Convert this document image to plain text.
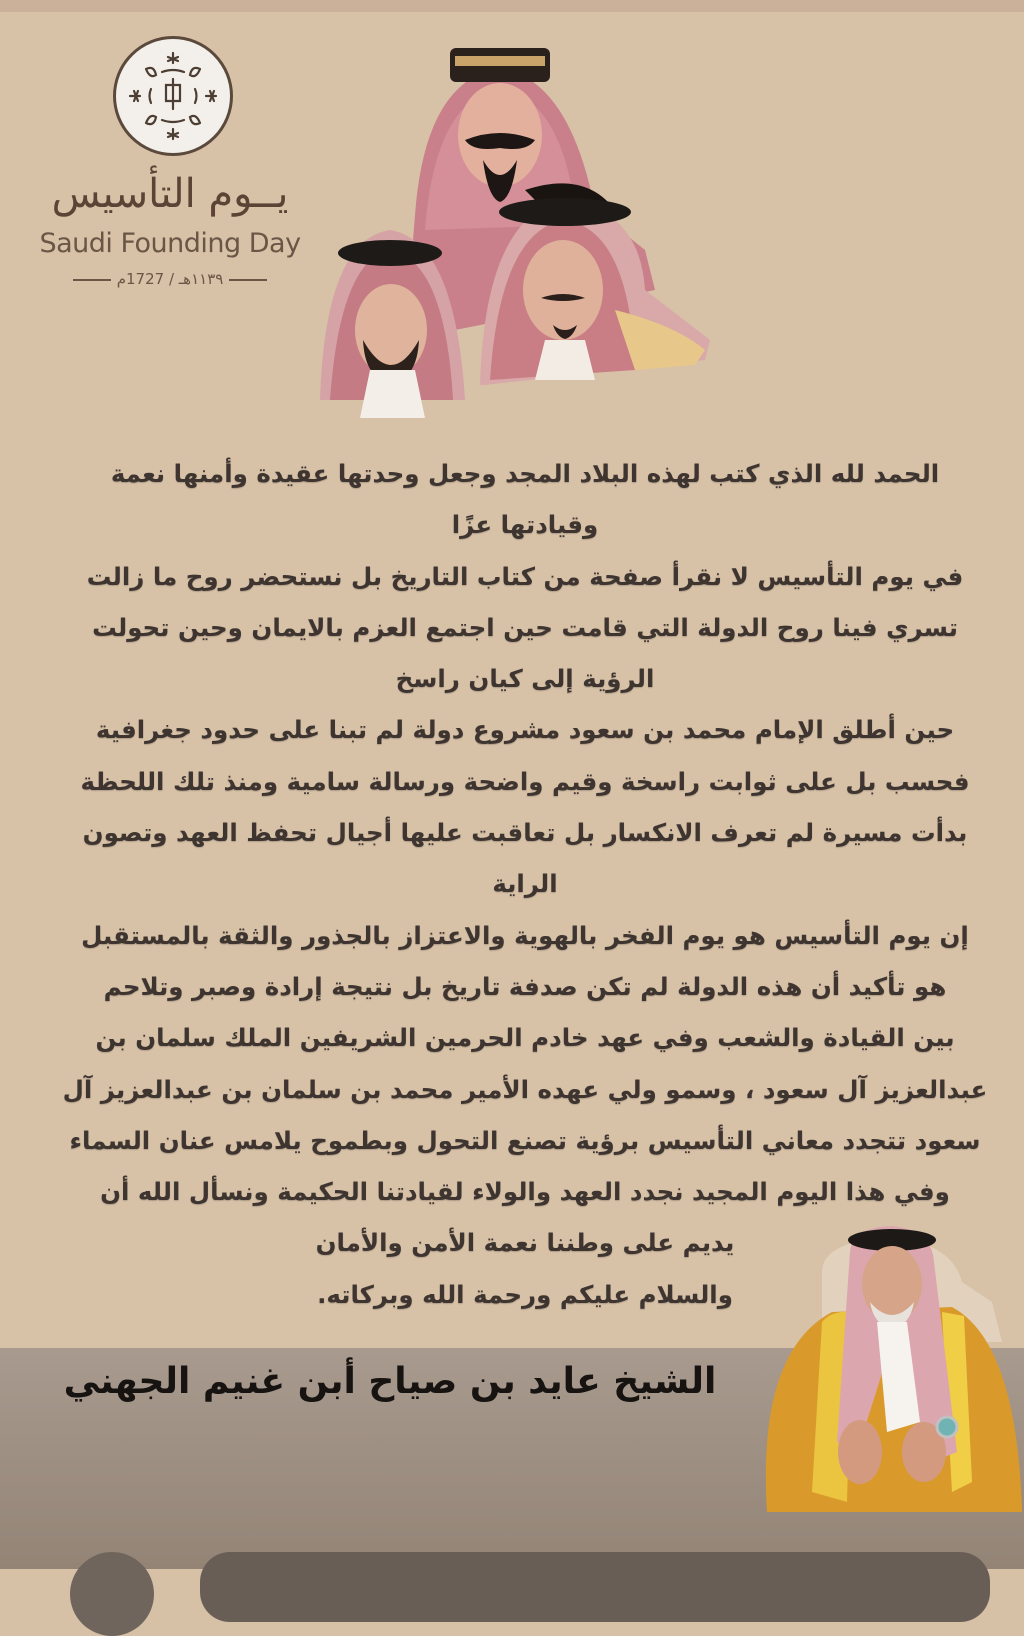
يــوم التأسيس
Saudi Founding Day
١١٣٩هـ / 1727م
الحمد لله الذي كتب لهذه البلاد المجد وجعل وحدتها عقيدة وأمنها نعمة
وقيادتها عزًا
في يوم التأسيس لا نقرأ صفحة من كتاب التاريخ بل نستحضر روح ما زالت
تسري فينا روح الدولة التي قامت حين اجتمع العزم بالايمان وحين تحولت
الرؤية إلى كيان راسخ
حين أطلق الإمام محمد بن سعود مشروع دولة لم تبنا على حدود جغرافية
فحسب بل على ثوابت راسخة وقيم واضحة ورسالة سامية ومنذ تلك اللحظة
بدأت مسيرة لم تعرف الانكسار بل تعاقبت عليها أجيال تحفظ العهد وتصون
الراية
إن يوم التأسيس هو يوم الفخر بالهوية والاعتزاز بالجذور والثقة بالمستقبل
هو تأكيد أن هذه الدولة لم تكن صدفة تاريخ بل نتيجة إرادة وصبر وتلاحم
بين القيادة والشعب وفي عهد خادم الحرمين الشريفين الملك سلمان بن
عبدالعزيز آل سعود ، وسمو ولي عهده الأمير محمد بن سلمان بن عبدالعزيز آل
سعود تتجدد معاني التأسيس برؤية تصنع التحول وبطموح يلامس عنان السماء
وفي هذا اليوم المجيد نجدد العهد والولاء لقيادتنا الحكيمة ونسأل الله أن
يديم على وطننا نعمة الأمن والأمان
والسلام عليكم ورحمة الله وبركاته.
الشيخ عايد بن صياح أبن غنيم الجهني
